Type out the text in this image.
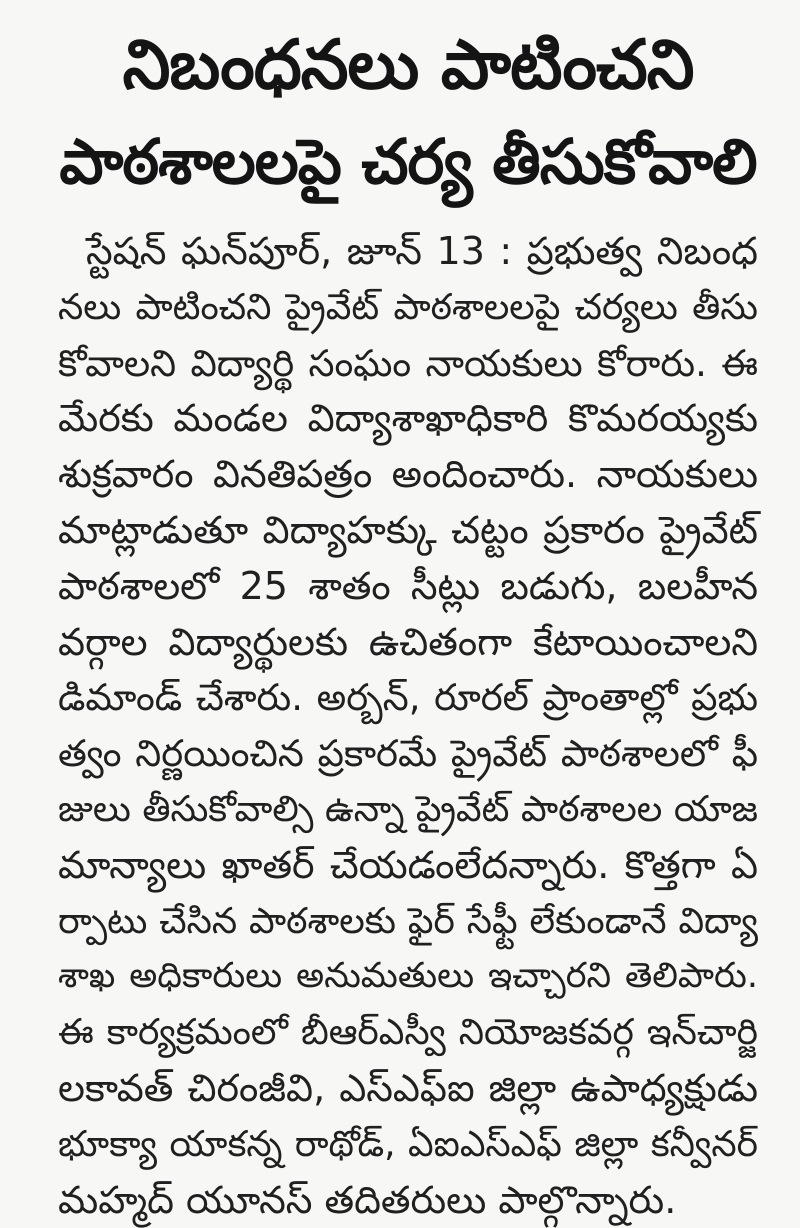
నిబంధనలు పాటించని
పాఠశాలలపై చర్య తీసుకోవాలి
స్టేషన్ ఘన్‌పూర్, జూన్ 13 : ప్రభుత్వ నిబంధ
నలు పాటించని ప్రైవేట్ పాఠశాలలపై చర్యలు తీసు
కోవాలని విద్యార్థి సంఘం నాయకులు కోరారు. ఈ
మేరకు మండల విద్యాశాఖాధికారి కొమరయ్యకు
శుక్రవారం వినతిపత్రం అందించారు. నాయకులు
మాట్లాడుతూ విద్యాహక్కు చట్టం ప్రకారం ప్రైవేట్
పాఠశాలలో 25 శాతం సీట్లు బడుగు, బలహీన
వర్గాల విద్యార్థులకు ఉచితంగా కేటాయించాలని
డిమాండ్ చేశారు. అర్బన్, రూరల్ ప్రాంతాల్లో ప్రభు
త్వం నిర్ణయించిన ప్రకారమే ప్రైవేట్ పాఠశాలలో ఫీ
జులు తీసుకోవాల్సి ఉన్నా ప్రైవేట్ పాఠశాలల యాజ
మాన్యాలు ఖాతర్ చేయడంలేదన్నారు. కొత్తగా ఏ
ర్పాటు చేసిన పాఠశాలకు ఫైర్ సేఫ్టీ లేకుండానే విద్యా
శాఖ అధికారులు అనుమతులు ఇచ్చారని తెలిపారు.
ఈ కార్యక్రమంలో బీఆర్ఎస్వీ నియోజకవర్గ ఇన్‌చార్జి
లకావత్ చిరంజీవి, ఎస్ఎఫ్ఐ జిల్లా ఉపాధ్యక్షుడు
భూక్యా యాకన్న రాథోడ్, ఏఐఎస్ఎఫ్ జిల్లా కన్వీనర్
మహ్మద్ యూనస్ తదితరులు పాల్గొన్నారు.
